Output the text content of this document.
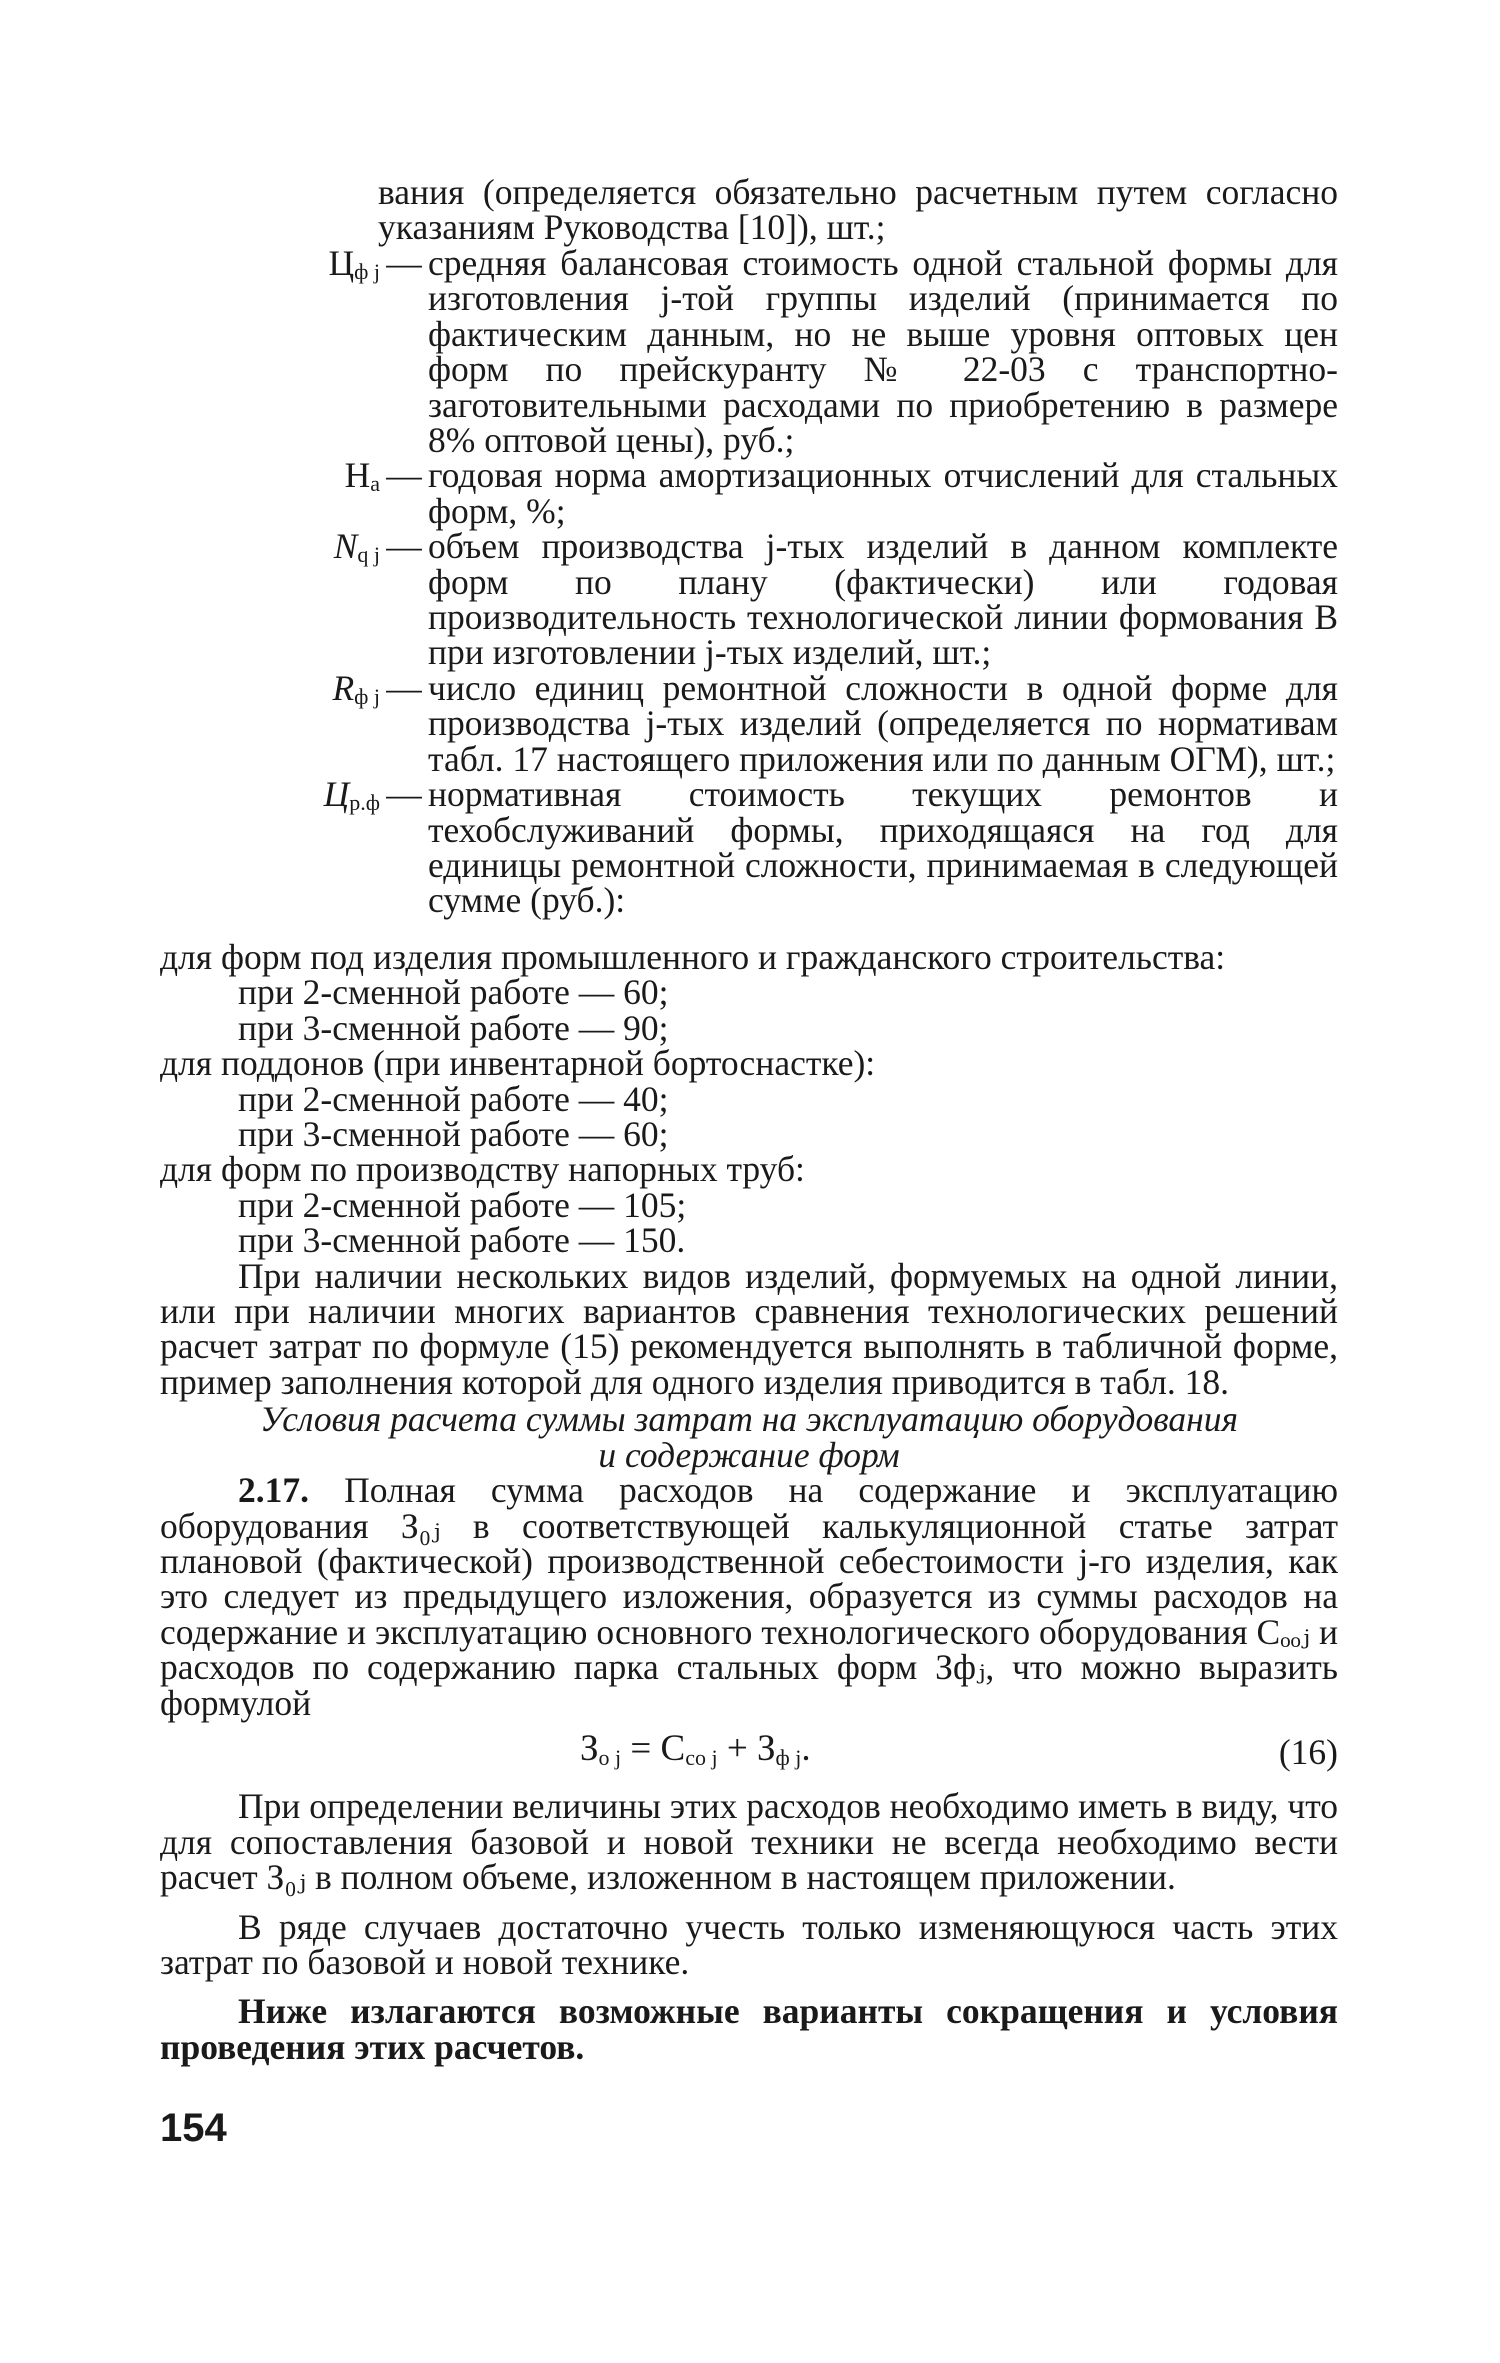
вания (определяется обязательно расчетным путем согласно указаниям Руководства [10]), шт.;
$Ц_{ф j}$ — средняя балансовая стоимость одной стальной формы для изготовления j-той группы изделий (принимается по фактическим данным, но не выше уровня оптовых цен форм по прейскуранту № 22-03 с транспортно-заготовительными расходами по приобретению в размере 8% оптовой цены), руб.;
$Н_а$ — годовая норма амортизационных отчислений для стальных форм, %;
$N_{q j}$ — объем производства j-тых изделий в данном комплекте форм по плану (фактически) или годовая производительность технологической линии формования В при изготовлении j-тых изделий, шт.;
$R_{ф j}$ — число единиц ремонтной сложности в одной форме для производства j-тых изделий (определяется по нормативам табл. 17 настоящего приложения или по данным ОГМ), шт.;
$Ц_{р.ф}$ — нормативная стоимость текущих ремонтов и техобслуживаний формы, приходящаяся на год для единицы ремонтной сложности, принимаемая в следующей сумме (руб.):
для форм под изделия промышленного и гражданского строительства:
при 2-сменной работе — 60;
при 3-сменной работе — 90;
для поддонов (при инвентарной бортоснастке):
при 2-сменной работе — 40;
при 3-сменной работе — 60;
для форм по производству напорных труб:
при 2-сменной работе — 105;
при 3-сменной работе — 150.
При наличии нескольких видов изделий, формуемых на одной линии, или при наличии многих вариантов сравнения технологических решений расчет затрат по формуле (15) рекомендуется выполнять в табличной форме, пример заполнения которой для одного изделия приводится в табл. 18.
Условия расчета суммы затрат на эксплуатацию оборудования
и содержание форм
2.17. Полная сумма расходов на содержание и эксплуатацию оборудования З₀ⱼ в соответствующей калькуляционной статье затрат плановой (фактической) производственной себестоимости j-го изделия, как это следует из предыдущего изложения, образуется из суммы расходов на содержание и эксплуатацию основного технологического оборудования Сₒₒⱼ и расходов по содержанию парка стальных форм Зфⱼ, что можно выразить формулой
$З_{о j} = С_{со j} + З_{ф j}$.	(16)
При определении величины этих расходов необходимо иметь в виду, что для сопоставления базовой и новой техники не всегда необходимо вести расчет З₀ⱼ в полном объеме, изложенном в настоящем приложении.
В ряде случаев достаточно учесть только изменяющуюся часть этих затрат по базовой и новой технике.
Ниже излагаются возможные варианты сокращения и условия проведения этих расчетов.
154
